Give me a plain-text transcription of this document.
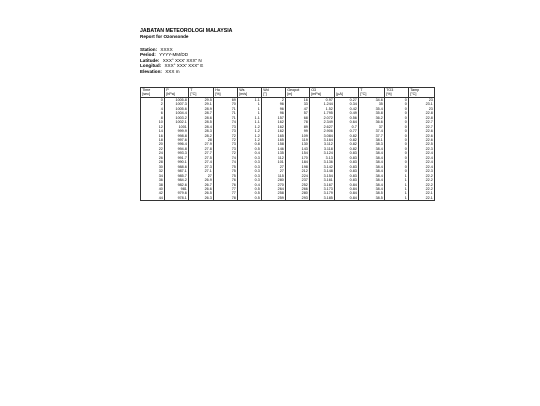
JABATAN METEOROLOGI MALAYSIA
Report for Ozonsonde
Station: XXXX
Period: YYYY-MM/DD
Latitude: XXX° XXX' XXX" N
Longitud: XXX° XXX' XXX" E
Elevation: XXX m
Time	P	T	Hu	Ws	Wd	Geopot	O3		T	TO3	Tamp
[sec]	[hPa]	[°C]	[%]	[m/s]	[°]	[m]	[mPa]	[µA]	[°C]	[%]	[°C]
0	1005.8	29.5	69	1.1	2	16	0.97	0.27	34.6	0	23
2	1007.3	29.1	70	1	96	33	1.244	0.34	35	0	23.1
4	1005.6	28.9	71	1	96	47	1.52	0.42	35.4	0	23
6	1004.4	28.7	71	1	96	57	1.795	0.49	35.8	0	22.8
8	1003.2	28.6	71	1.1	157	68	2.072	0.56	36.2	0	22.8
10	1002.1	28.5	74	1.1	162	78	2.349	0.64	36.6	0	22.7
12	1001	28.4	73	1.2	162	89	2.627	0.7	37	0	22.7
14	999.9	28.3	73	1.2	162	99	2.906	0.77	37.4	0	22.6
16	998.8	28.2	72	1.2	165	109	3.084	0.82	37.7	0	22.6
18	997.6	28	72	1.2	165	119	3.164	0.82	38.1	0	22.6
20	996.4	27.9	73	0.8	158	130	3.112	0.82	38.3	0	22.5
22	994.8	27.8	73	0.5	146	143	3.118	0.82	38.4	0	22.3
24	993.3	27.7	72	0.4	135	154	3.124	0.83	38.4	0	22.4
26	991.7	27.5	74	0.3	112	170	3.13	0.83	38.4	0	22.4
28	990.1	27.4	74	0.3	101	184	3.136	0.83	38.4	0	22.4
30	988.6	27.3	75	0.3	27	198	3.142	0.83	38.4	0	22.4
32	987.1	27.1	75	0.3	27	212	3.148	0.83	38.4	0	22.3
34	985.7	27	75	0.3	115	224	3.154	0.83	38.4	1	22.2
36	984.2	26.9	76	0.3	280	237	3.161	0.83	38.4	1	22.2
38	982.6	26.7	76	0.4	270	252	3.167	0.84	38.4	1	22.2
40	981	26.6	77	0.5	264	266	3.173	0.84	38.4	1	22.2
42	979.6	26.5	77	0.5	258	280	3.179	0.84	38.5	1	22.1
44	978.1	26.3	78	0.5	259	293	3.185	0.84	38.5	1	22.1
